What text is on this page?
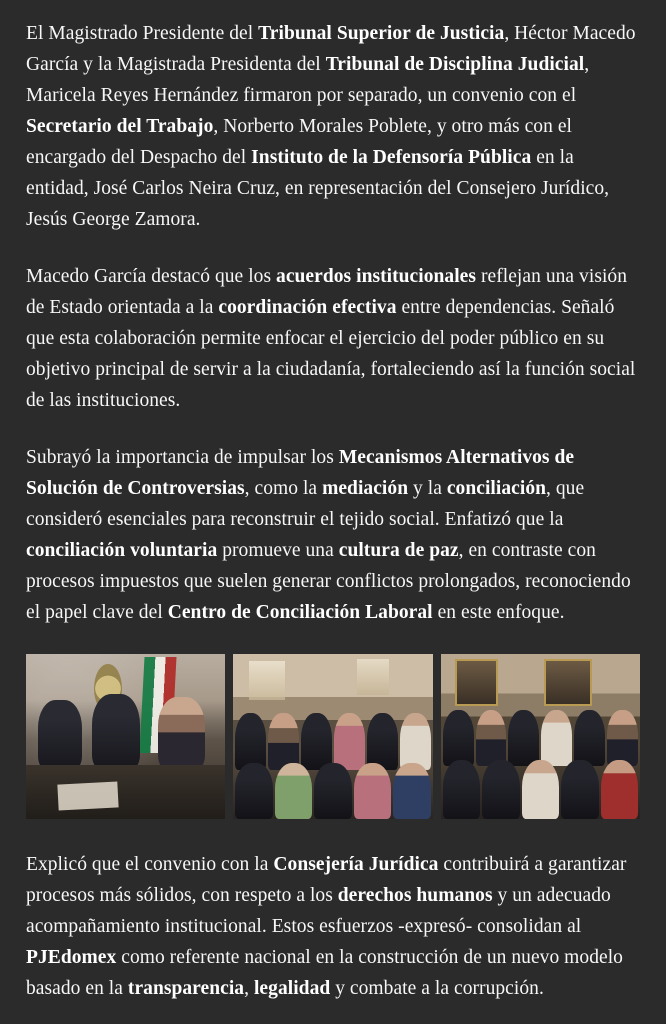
El Magistrado Presidente del Tribunal Superior de Justicia, Héctor Macedo García y la Magistrada Presidenta del Tribunal de Disciplina Judicial, Maricela Reyes Hernández firmaron por separado, un convenio con el Secretario del Trabajo, Norberto Morales Poblete, y otro más con el encargado del Despacho del Instituto de la Defensoría Pública en la entidad, José Carlos Neira Cruz, en representación del Consejero Jurídico, Jesús George Zamora.

Macedo García destacó que los acuerdos institucionales reflejan una visión de Estado orientada a la coordinación efectiva entre dependencias. Señaló que esta colaboración permite enfocar el ejercicio del poder público en su objetivo principal de servir a la ciudadanía, fortaleciendo así la función social de las instituciones.

Subrayó la importancia de impulsar los Mecanismos Alternativos de Solución de Controversias, como la mediación y la conciliación, que consideró esenciales para reconstruir el tejido social. Enfatizó que la conciliación voluntaria promueve una cultura de paz, en contraste con procesos impuestos que suelen generar conflictos prolongados, reconociendo el papel clave del Centro de Conciliación Laboral en este enfoque.

Explicó que el convenio con la Consejería Jurídica contribuirá a garantizar procesos más sólidos, con respeto a los derechos humanos y un adecuado acompañamiento institucional. Estos esfuerzos -expresó- consolidan al PJEdomex como referente nacional en la construcción de un nuevo modelo basado en la transparencia, legalidad y combate a la corrupción.
